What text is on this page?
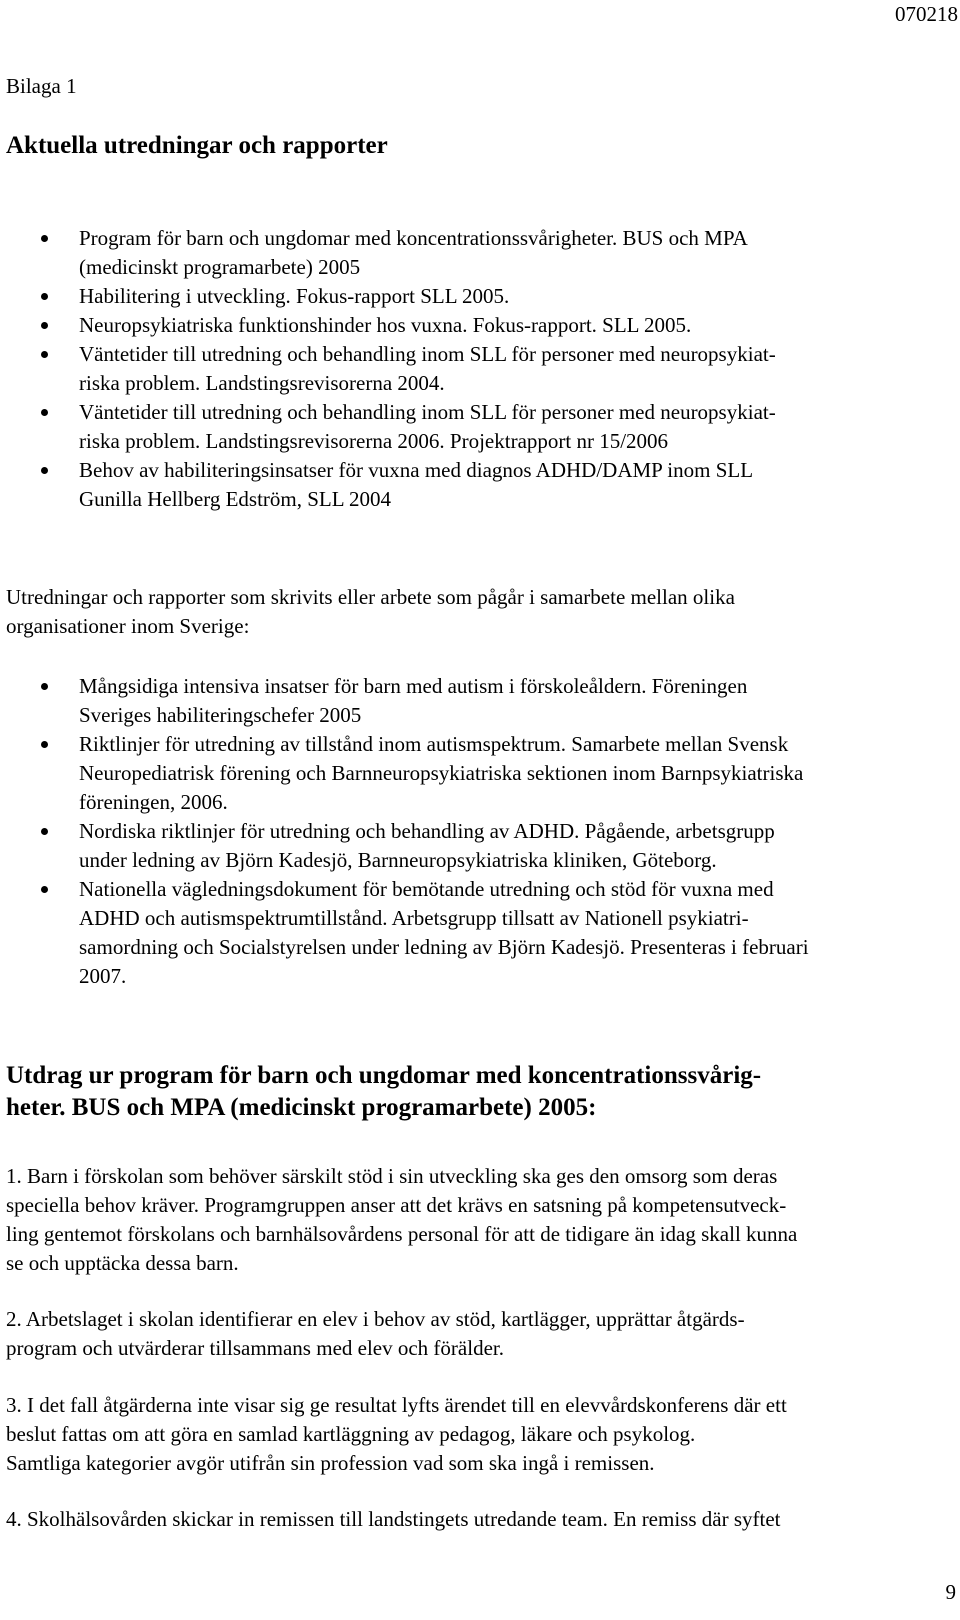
070218
Bilaga 1
Aktuella utredningar och rapporter
Program för barn och ungdomar med koncentrationssvårigheter. BUS och MPA
(medicinskt programarbete) 2005
Habilitering i utveckling. Fokus-rapport SLL 2005.
Neuropsykiatriska funktionshinder hos vuxna. Fokus-rapport. SLL 2005.
Väntetider till utredning och behandling inom SLL för personer med neuropsykiat-
riska problem. Landstingsrevisorerna 2004.
Väntetider till utredning och behandling inom SLL för personer med neuropsykiat-
riska problem. Landstingsrevisorerna 2006. Projektrapport nr 15/2006
Behov av habiliteringsinsatser för vuxna med diagnos ADHD/DAMP inom SLL
Gunilla Hellberg Edström, SLL 2004

Utredningar och rapporter som skrivits eller arbete som pågår i samarbete mellan olika
organisationer inom Sverige:

Mångsidiga intensiva insatser för barn med autism i förskoleåldern. Föreningen
Sveriges habiliteringschefer 2005
Riktlinjer för utredning av tillstånd inom autismspektrum. Samarbete mellan Svensk
Neuropediatrisk förening och Barnneuropsykiatriska sektionen inom Barnpsykiatriska
föreningen, 2006.
Nordiska riktlinjer för utredning och behandling av ADHD. Pågående, arbetsgrupp
under ledning av Björn Kadesjö, Barnneuropsykiatriska kliniken, Göteborg.
Nationella vägledningsdokument för bemötande utredning och stöd för vuxna med
ADHD och autismspektrumtillstånd. Arbetsgrupp tillsatt av Nationell psykiatri-
samordning och Socialstyrelsen under ledning av Björn Kadesjö. Presenteras i februari
2007.
Utdrag ur program för barn och ungdomar med koncentrationssvårig-
heter. BUS och MPA (medicinskt programarbete) 2005:

1. Barn i förskolan som behöver särskilt stöd i sin utveckling ska ges den omsorg som deras
speciella behov kräver. Programgruppen anser att det krävs en satsning på kompetensutveck-
ling gentemot förskolans och barnhälsovårdens personal för att de tidigare än idag skall kunna
se och upptäcka dessa barn.

2. Arbetslaget i skolan identifierar en elev i behov av stöd, kartlägger, upprättar åtgärds-
program och utvärderar tillsammans med elev och förälder.

3. I det fall åtgärderna inte visar sig ge resultat lyfts ärendet till en elevvårdskonferens där ett
beslut fattas om att göra en samlad kartläggning av pedagog, läkare och psykolog.
Samtliga kategorier avgör utifrån sin profession vad som ska ingå i remissen.

4. Skolhälsovården skickar in remissen till landstingets utredande team. En remiss där syftet

9
